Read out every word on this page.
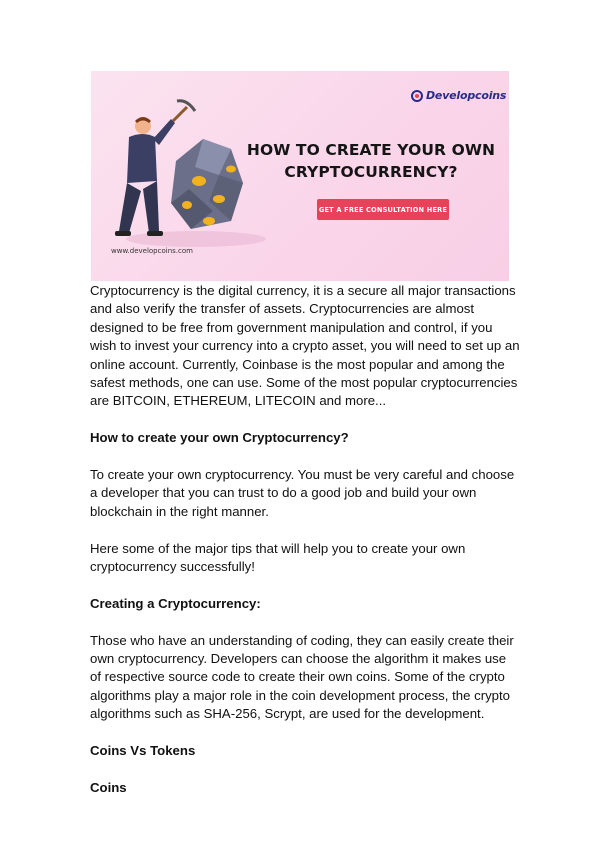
Developcoins
HOW TO CREATE YOUR OWN
CRYPTOCURRENCY?
GET A FREE CONSULTATION HERE
www.developcoins.com

Cryptocurrency is the digital currency, it is a secure all major transactions and also verify the transfer of assets. Cryptocurrencies are almost designed to be free from government manipulation and control, if you wish to invest your currency into a crypto asset, you will need to set up an online account. Currently, Coinbase is the most popular and among the safest methods, one can use. Some of the most popular cryptocurrencies are BITCOIN, ETHEREUM, LITECOIN and more...

How to create your own Cryptocurrency?

To create your own cryptocurrency. You must be very careful and choose a developer that you can trust to do a good job and build your own blockchain in the right manner.

Here some of the major tips that will help you to create your own cryptocurrency successfully!

Creating a Cryptocurrency:

Those who have an understanding of coding, they can easily create their own cryptocurrency. Developers can choose the algorithm it makes use of respective source code to create their own coins. Some of the crypto algorithms play a major role in the coin development process, the crypto algorithms such as SHA-256, Scrypt, are used for the development.

Coins Vs Tokens

Coins
